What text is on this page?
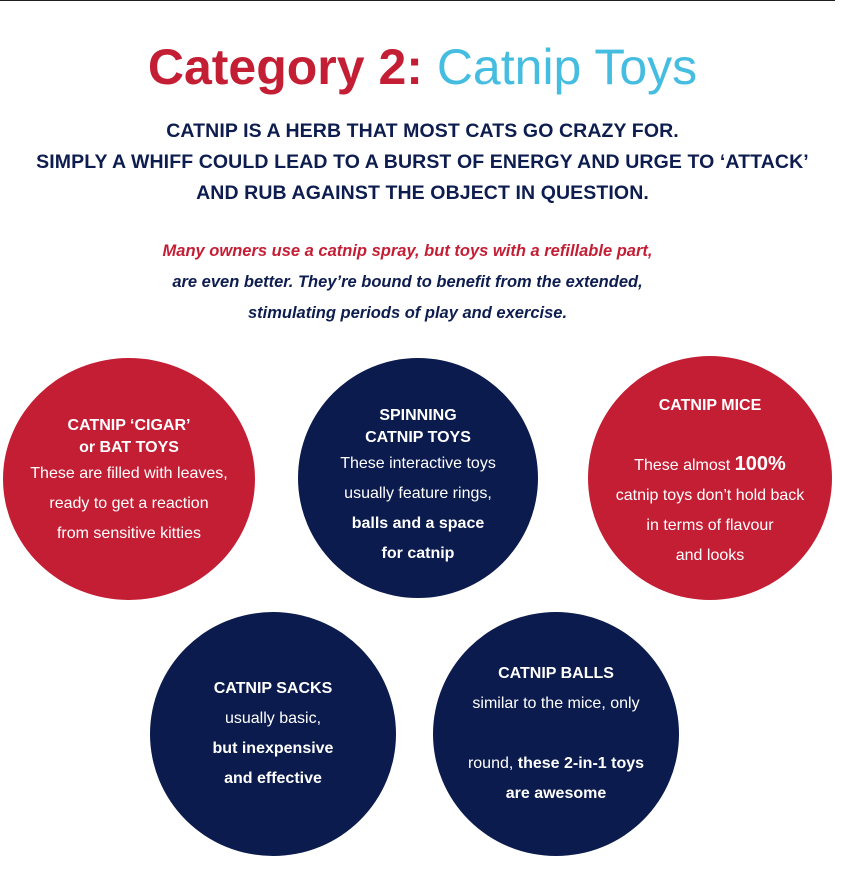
Category 2: Catnip Toys
CATNIP IS A HERB THAT MOST CATS GO CRAZY FOR.
SIMPLY A WHIFF COULD LEAD TO A BURST OF ENERGY AND URGE TO ‘ATTACK’
AND RUB AGAINST THE OBJECT IN QUESTION.
Many owners use a catnip spray, but toys with a refillable part,
are even better. They’re bound to benefit from the extended,
stimulating periods of play and exercise.
CATNIP ‘CIGAR’
or BAT TOYS
These are filled with leaves,
ready to get a reaction
from sensitive kitties
SPINNING
CATNIP TOYS
These interactive toys
usually feature rings,
balls and a space
for catnip
CATNIP MICE

These almost 100%

catnip toys don’t hold back
in terms of flavour
and looks
CATNIP SACKS
usually basic,
but inexpensive
and effective
CATNIP BALLS
similar to the mice, only

round, these 2-in-1 toys

are awesome
